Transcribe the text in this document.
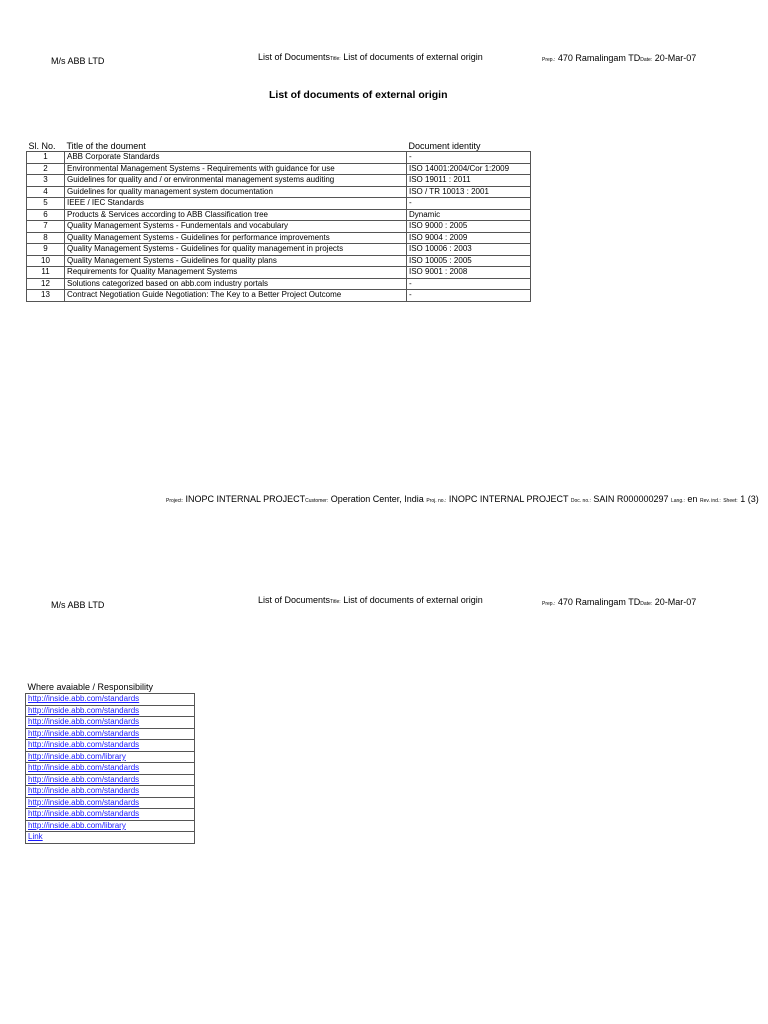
M/s ABB LTD	List of DocumentsTitle: List of documents of external origin	Prep.: 470 Ramalingam TDDate: 20-Mar-07
List of documents of external origin
Sl. No.	Title of the doument	Document identity
1	ABB Corporate Standards	-
2	Environmental Management Systems - Requirements with guidance for use	ISO 14001:2004/Cor 1:2009
3	Guidelines for quality and / or environmental management systems auditing	ISO 19011 : 2011
4	Guidelines for quality management system documentation	ISO / TR 10013 : 2001
5	IEEE / IEC Standards	-
6	Products & Services according to ABB Classification tree	Dynamic
7	Quality Management Systems - Fundementals and vocabulary	ISO 9000 : 2005
8	Quality Management Systems - Guidelines for performance improvements	ISO 9004 : 2009
9	Quality Management Systems - Guidelines for quality management in projects	ISO 10006 : 2003
10	Quality Management Systems - Guidelines for quality plans	ISO 10005 : 2005
11	Requirements for Quality Management Systems	ISO 9001 : 2008
12	Solutions categorized based on abb.com industry portals	-
13	Contract Negotiation Guide Negotiation: The Key to a Better Project Outcome	-
Project: INOPC INTERNAL PROJECTCustomer: Operation Center, India Proj. no.: INOPC INTERNAL PROJECT Doc. no.: SAIN R000000297 Lang.: en Rev. ind.: Sheet: 1 (3)
M/s ABB LTD	List of DocumentsTitle: List of documents of external origin	Prep.: 470 Ramalingam TDDate: 20-Mar-07
Where avaiable / Responsibility
http://inside.abb.com/standards
http://inside.abb.com/standards
http://inside.abb.com/standards
http://inside.abb.com/standards
http://inside.abb.com/standards
http://inside.abb.com/library
http://inside.abb.com/standards
http://inside.abb.com/standards
http://inside.abb.com/standards
http://inside.abb.com/standards
http://inside.abb.com/standards
http://inside.abb.com/library
Link
